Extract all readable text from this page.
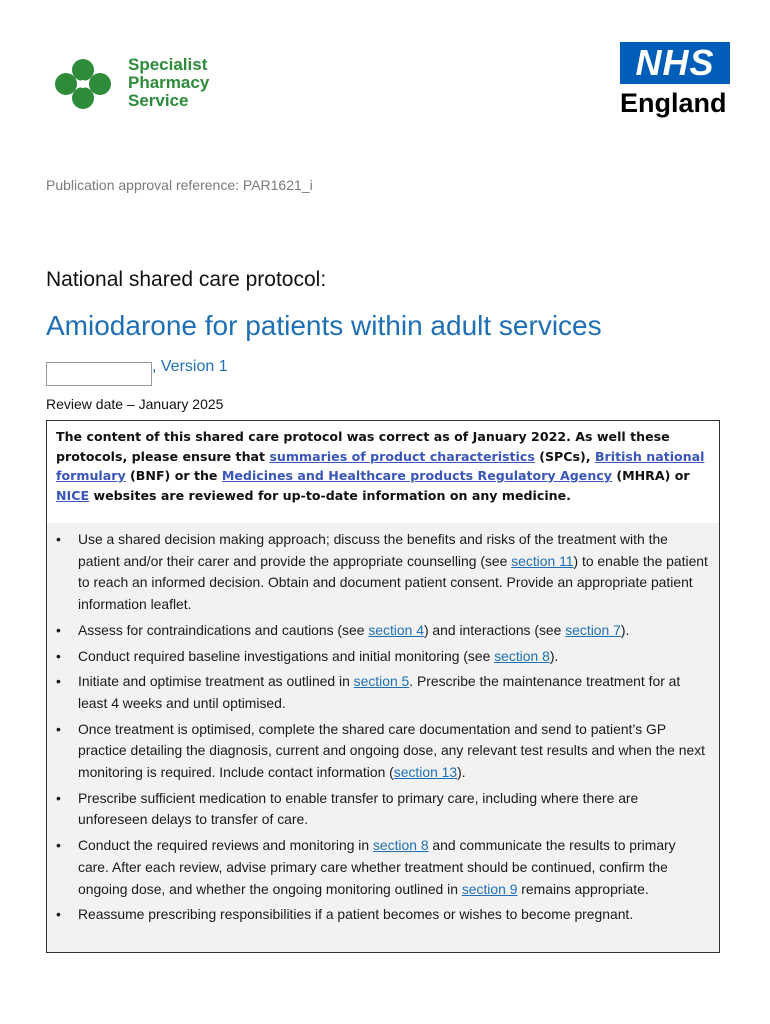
Specialist
Pharmacy
Service
NHS
England
Publication approval reference: PAR1621_i
National shared care protocol:
Amiodarone for patients within adult services
, Version 1
Review date – January 2025
The content of this shared care protocol was correct as of January 2022. As well these protocols, please ensure that summaries of product characteristics (SPCs), British national formulary (BNF) or the Medicines and Healthcare products Regulatory Agency (MHRA) or NICE websites are reviewed for up-to-date information on any medicine.
• Use a shared decision making approach; discuss the benefits and risks of the treatment with the patient and/or their carer and provide the appropriate counselling (see section 11) to enable the patient to reach an informed decision. Obtain and document patient consent. Provide an appropriate patient information leaflet.
• Assess for contraindications and cautions (see section 4) and interactions (see section 7).
• Conduct required baseline investigations and initial monitoring (see section 8).
• Initiate and optimise treatment as outlined in section 5. Prescribe the maintenance treatment for at least 4 weeks and until optimised.
• Once treatment is optimised, complete the shared care documentation and send to patient’s GP practice detailing the diagnosis, current and ongoing dose, any relevant test results and when the next monitoring is required. Include contact information (section 13).
• Prescribe sufficient medication to enable transfer to primary care, including where there are unforeseen delays to transfer of care.
• Conduct the required reviews and monitoring in section 8 and communicate the results to primary care. After each review, advise primary care whether treatment should be continued, confirm the ongoing dose, and whether the ongoing monitoring outlined in section 9 remains appropriate.
• Reassume prescribing responsibilities if a patient becomes or wishes to become pregnant.
